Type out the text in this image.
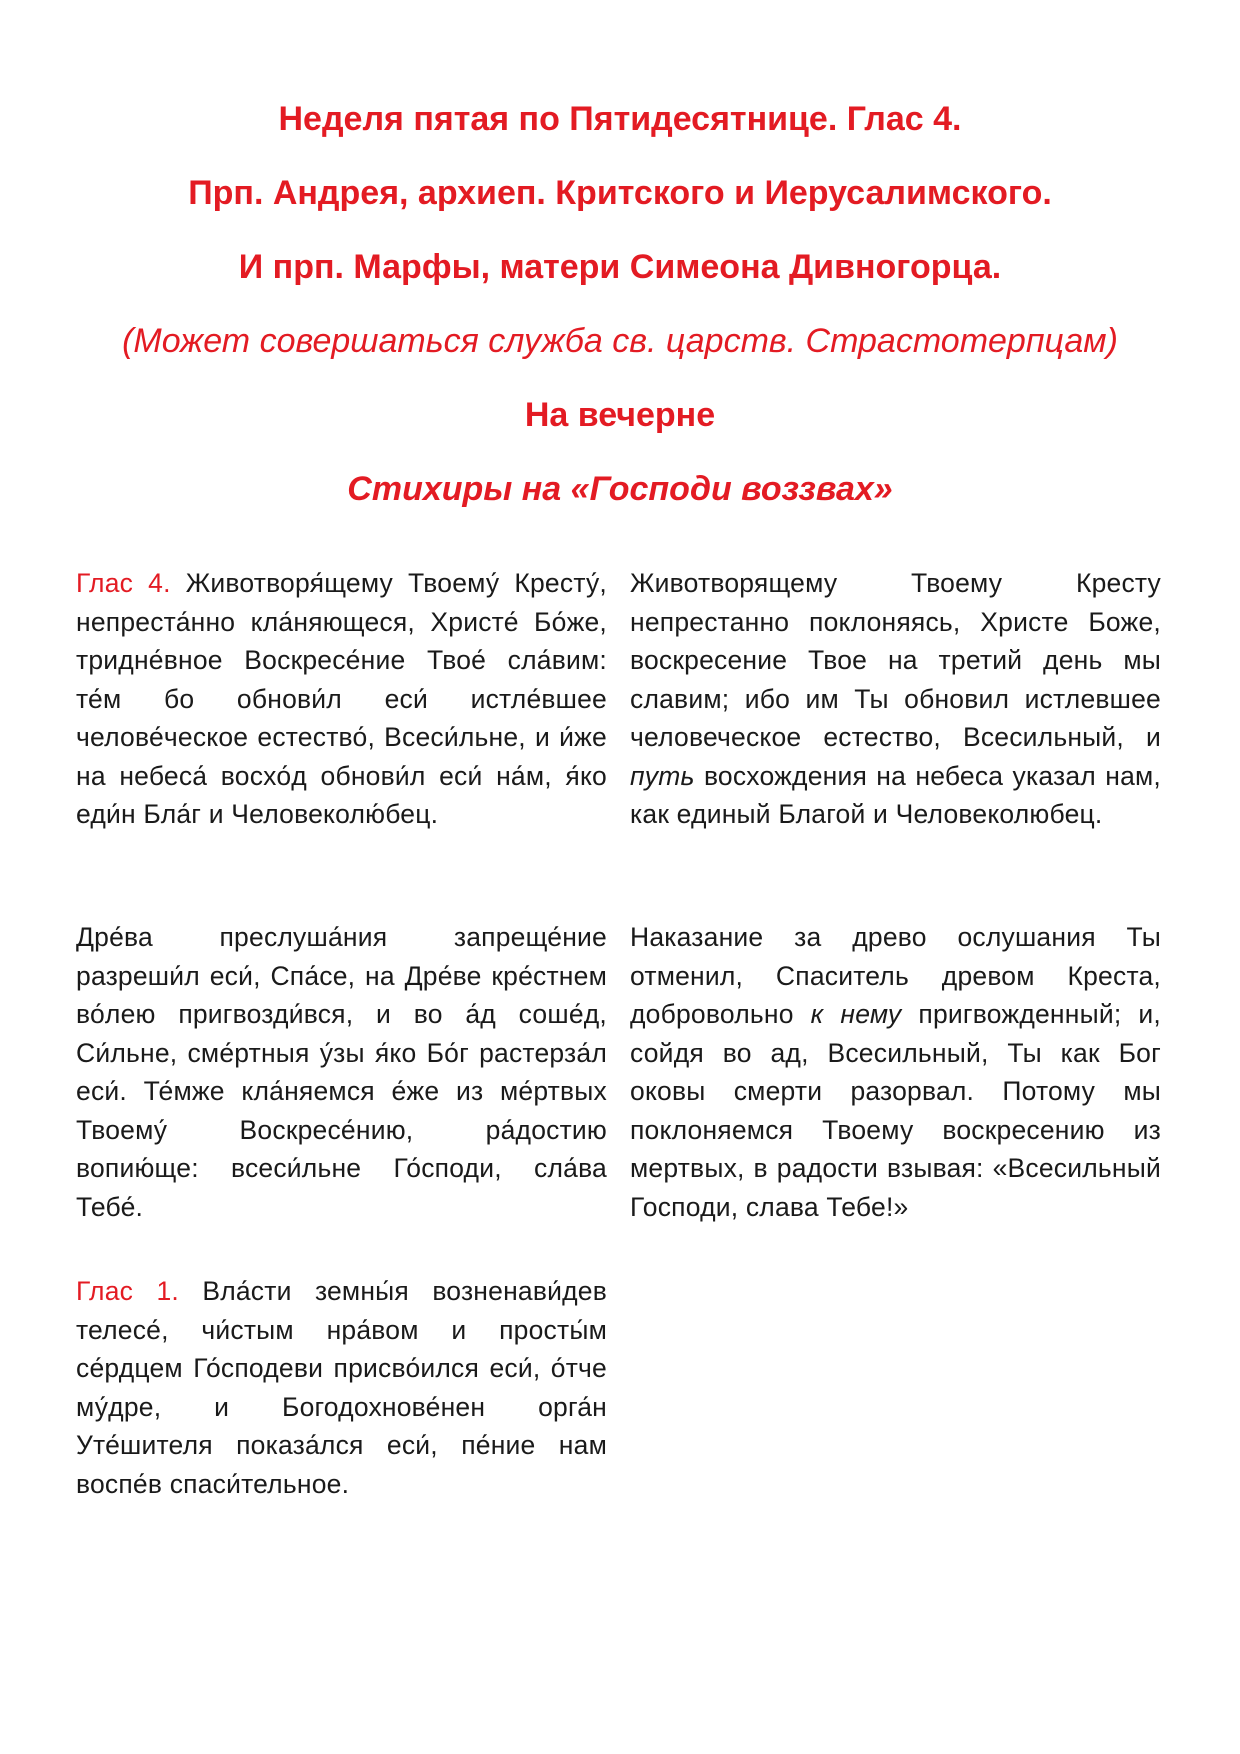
Неделя пятая по Пятидесятнице. Глас 4.
Прп. Андрея, архиеп. Критского и Иерусалимского.
И прп. Марфы, матери Симеона Дивногорца.
(Может совершаться служба св. царств. Страстотерпцам)
На вечерне
Стихиры на «Господи воззвах»
Глас 4. Животворя́щему Твоему́ Кресту́, непреста́нно кла́няющеся, Христе́ Бо́же, тридне́вное Воскресе́ние Твое́ сла́вим: те́м бо обнови́л еси́ истле́вшее челове́ческое естество́, Всеси́льне, и и́же на небеса́ восхо́д обнови́л еси́ на́м, я́ко еди́н Бла́г и Человеколю́бец.
Животворящему Твоему Кресту непрестанно поклоняясь, Христе Боже, воскресение Твое на третий день мы славим; ибо им Ты обновил истлевшее человеческое естество, Всесильный, и путь восхождения на небеса указал нам, как единый Благой и Человеколюбец.
Дре́ва преслуша́ния запреще́ние разреши́л еси́, Спа́се, на Дре́ве кре́стнем во́лею пригвозди́вся, и во а́д соше́д, Си́льне, сме́ртныя у́зы я́ко Бо́г растерза́л еси́. Те́мже кла́няемся е́же из ме́ртвых Твоему́ Воскресе́нию, ра́достию вопию́ще: всеси́льне Го́споди, сла́ва Тебе́.
Наказание за древо ослушания Ты отменил, Спаситель древом Креста, добровольно к нему пригвожденный; и, сойдя во ад, Всесильный, Ты как Бог оковы смерти разорвал. Потому мы поклоняемся Твоему воскресению из мертвых, в радости взывая: «Всесильный Господи, слава Тебе!»
Глас 1. Вла́сти земны́я возненави́дев телесе́, чи́стым нра́вом и просты́м се́рдцем Го́сподеви присво́ился еси́, о́тче му́дре, и Богодохнове́нен орга́н Уте́шителя показа́лся еси́, пе́ние нам воспе́в спаси́тельное.
